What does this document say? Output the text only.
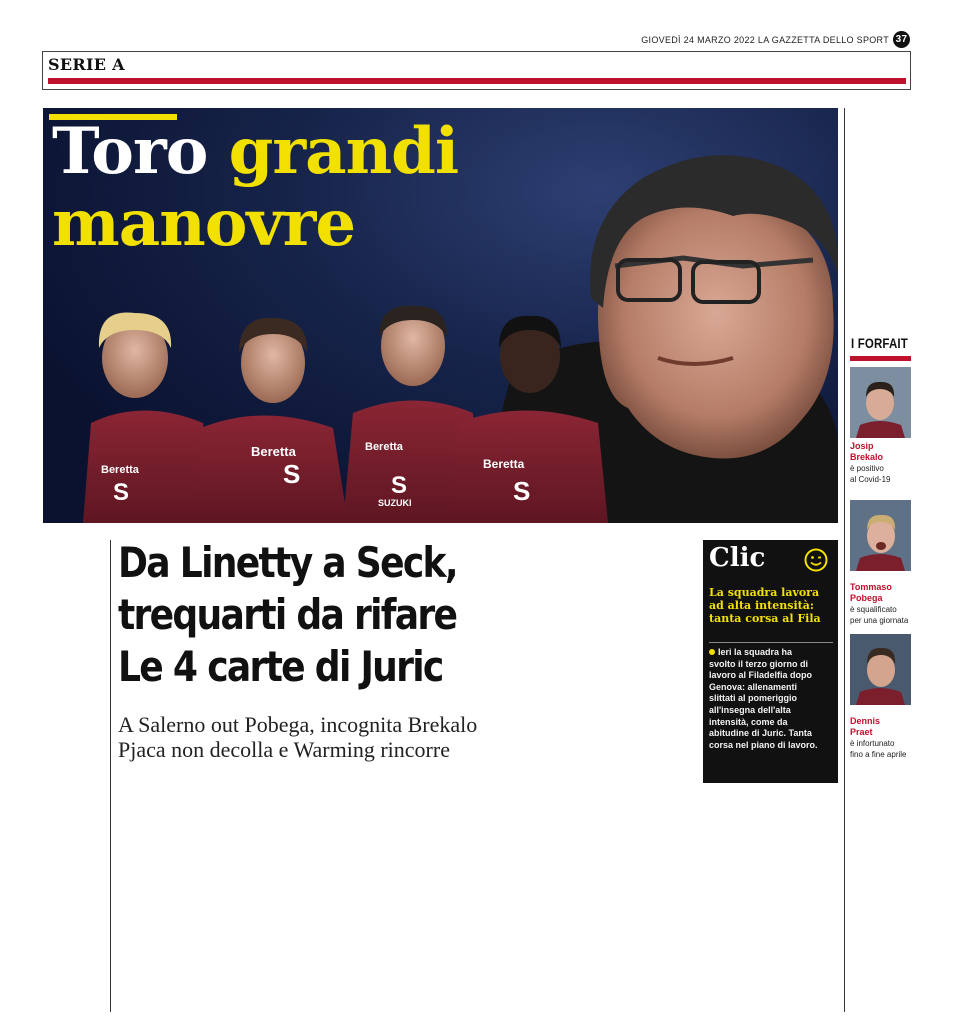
GIOVEDÌ 24 MARZO 2022 LA GAZZETTA DELLO SPORT 37
SERIE A
Beretta
Beretta	Beretta
Beretta
SUZUKI
S
S	S	S
Toro grandi
manovre
Da Linetty a Seck,
trequarti da rifare
Le 4 carte di Juric
A Salerno out Pobega, incognita Brekalo
Pjaca non decolla e Warming rincorre
Clic
La squadra lavora
ad alta intensità:
tanta corsa al Fila
Ieri la squadra ha
svolto il terzo giorno di
lavoro al Filadelfia dopo
Genova: allenamenti
slittati al pomeriggio
all'insegna dell'alta
intensità, come da
abitudine di Juric. Tanta
corsa nel piano di lavoro.
I FORFAIT
Josip
Brekalo
è positivo
al Covid-19
Tommaso
Pobega
è squalificato
per una giornata
Dennis
Praet
è infortunato
fino a fine aprile
